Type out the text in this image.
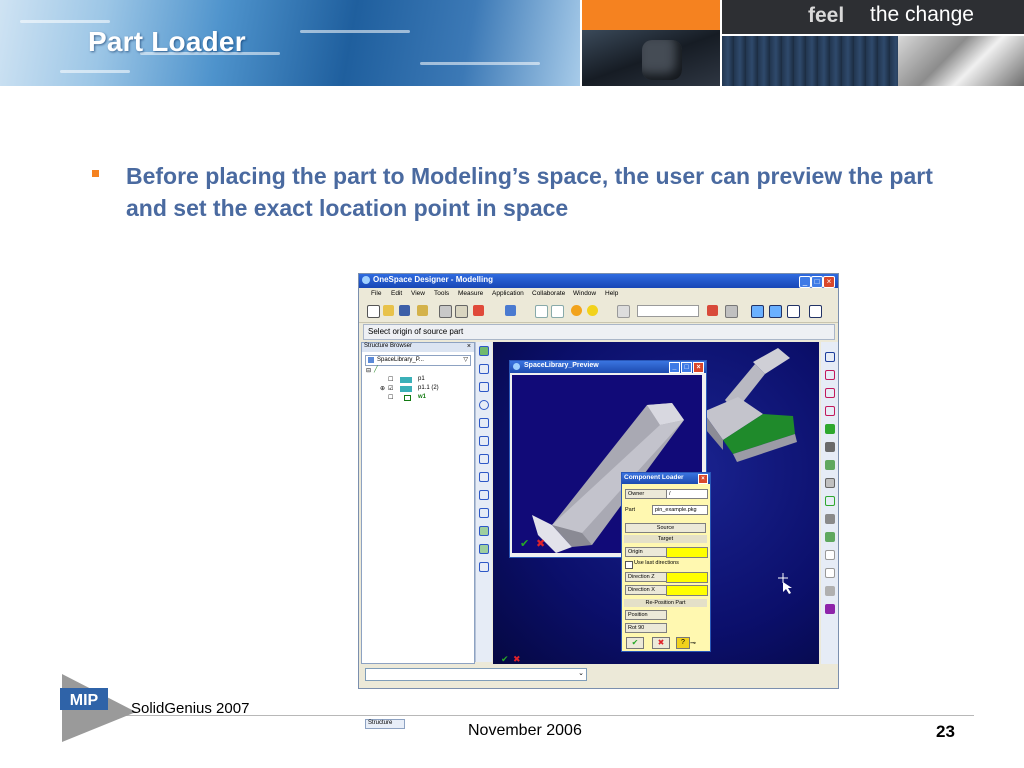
Part Loader
feel the change

Before placing the part to Modeling’s space, the user can preview the part and set the exact location point in space

OneSpace Designer - Modelling	_ □ ×
File Edit View Tools Measure Application Collaborate Window Help
Select origin of source part
Structure Browser	×
SpaceLibrary_P...	▽
⊟ ╱
☐	p1
⊕ ☑	p1.1 (2)
☐	w1
Structure
✔ ✖
SpaceLibrary_Preview	_	□	×
✔ ✖
Component Loader	×
Owner	/
Part	pin_example.pkg
Source
Target
Origin
Use last directions
Direction Z
Direction X
Re-Position Part
Position
Rot 90
✔	✖	? ⊸
⌄
MIP SolidGenius 2007
November 2006	23
